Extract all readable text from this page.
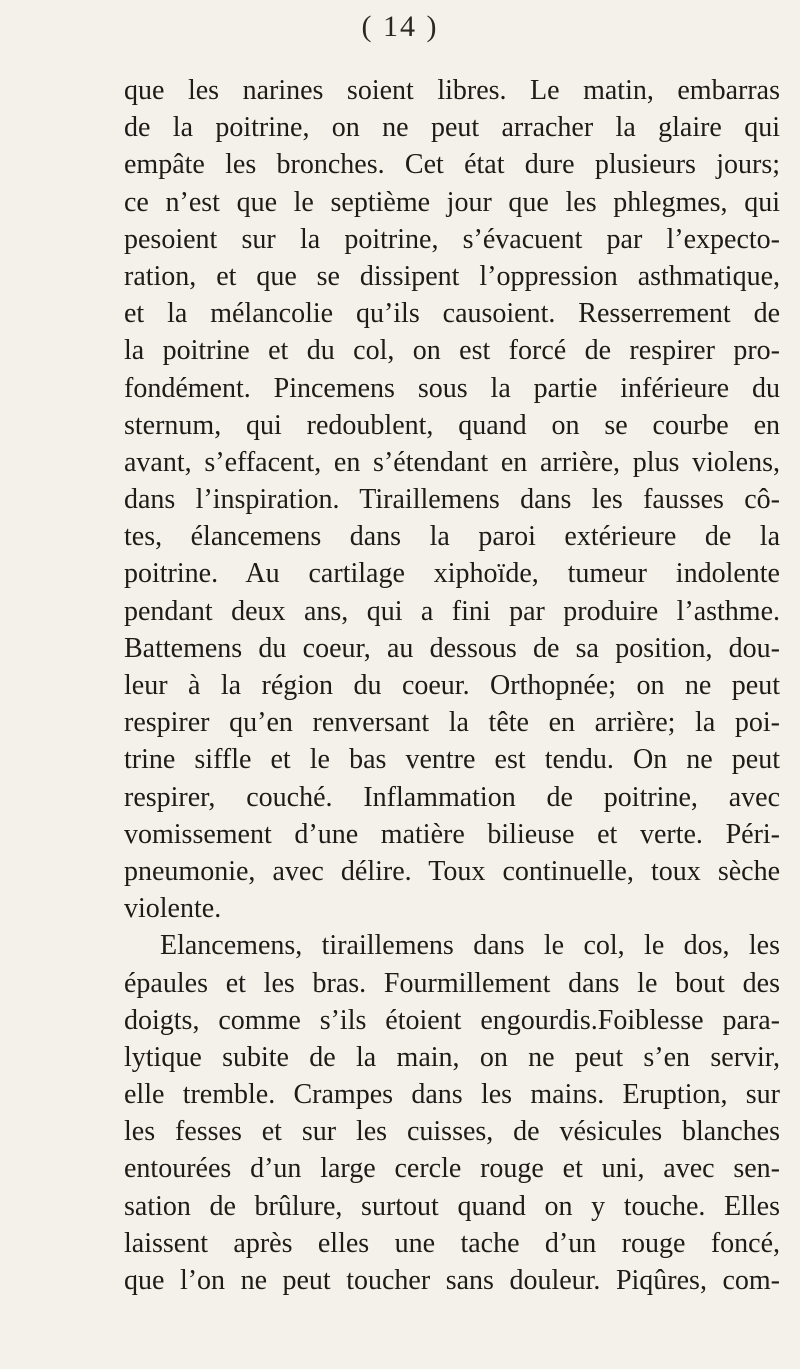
( 14 )
que les narines soient libres. Le matin, embarras
de la poitrine, on ne peut arracher la glaire qui
empâte les bronches. Cet état dure plusieurs jours;
ce n’est que le septième jour que les phlegmes, qui
pesoient sur la poitrine, s’évacuent par l’expecto-
ration, et que se dissipent l’oppression asthmatique,
et la mélancolie qu’ils causoient. Resserrement de
la poitrine et du col, on est forcé de respirer pro-
fondément. Pincemens sous la partie inférieure du
sternum, qui redoublent, quand on se courbe en
avant, s’effacent, en s’étendant en arrière, plus violens,
dans l’inspiration. Tiraillemens dans les fausses cô-
tes, élancemens dans la paroi extérieure de la
poitrine. Au cartilage xiphoïde, tumeur indolente
pendant deux ans, qui a fini par produire l’asthme.
Battemens du coeur, au dessous de sa position, dou-
leur à la région du coeur. Orthopnée; on ne peut
respirer qu’en renversant la tête en arrière; la poi-
trine siffle et le bas ventre est tendu. On ne peut
respirer, couché. Inflammation de poitrine, avec
vomissement d’une matière bilieuse et verte. Péri-
pneumonie, avec délire. Toux continuelle, toux sèche
violente.
Elancemens, tiraillemens dans le col, le dos, les
épaules et les bras. Fourmillement dans le bout des
doigts, comme s’ils étoient engourdis.Foiblesse para-
lytique subite de la main, on ne peut s’en servir,
elle tremble. Crampes dans les mains. Eruption, sur
les fesses et sur les cuisses, de vésicules blanches
entourées d’un large cercle rouge et uni, avec sen-
sation de brûlure, surtout quand on y touche. Elles
laissent après elles une tache d’un rouge foncé,
que l’on ne peut toucher sans douleur. Piqûres, com-
